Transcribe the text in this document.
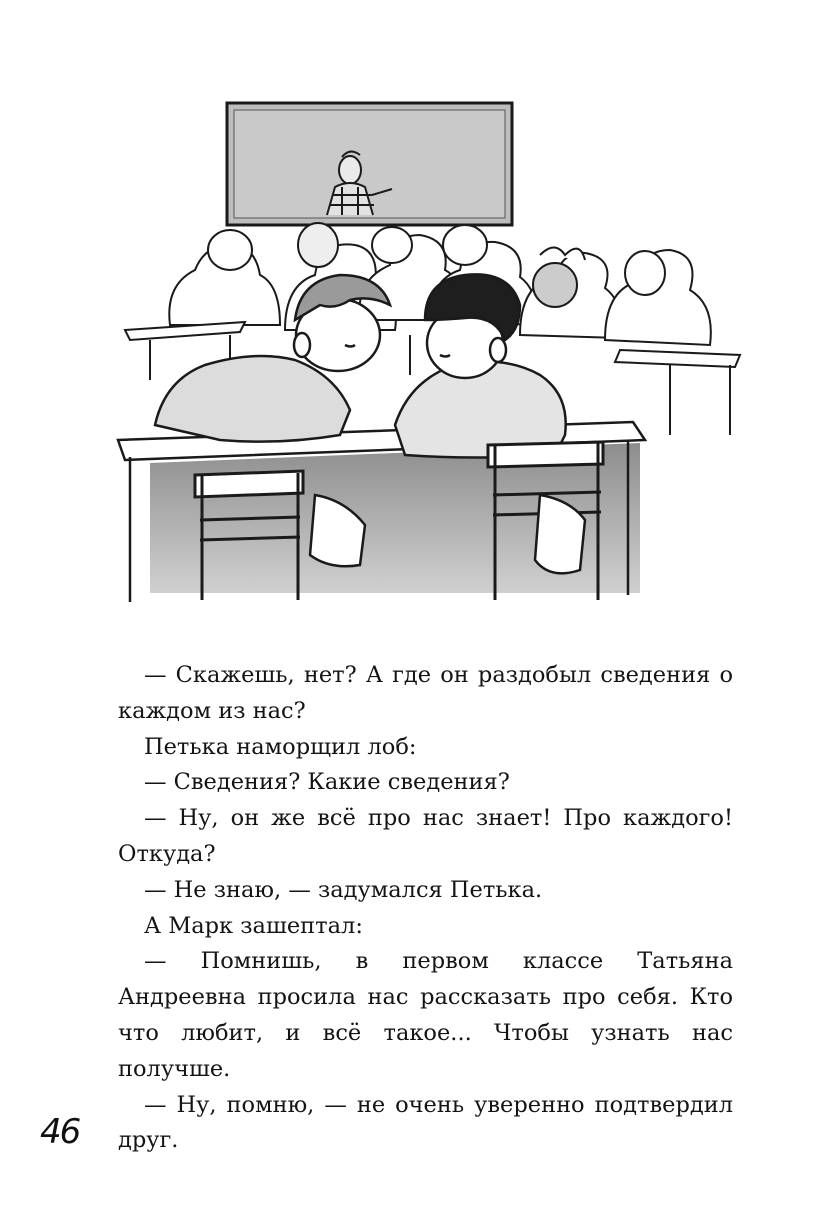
— Скажешь, нет? А где он раздобыл сведения о каждом из нас?

Петька наморщил лоб:

— Сведения? Какие сведения?

— Ну, он же всё про нас знает! Про каждого! Откуда?

— Не знаю, — задумался Петька.

А Марк зашептал:

— Помнишь, в первом классе Татьяна Андреевна просила нас рассказать про себя. Кто что любит, и всё такое... Чтобы узнать нас получше.

— Ну, помню, — не очень уверенно подтвердил друг.

46
